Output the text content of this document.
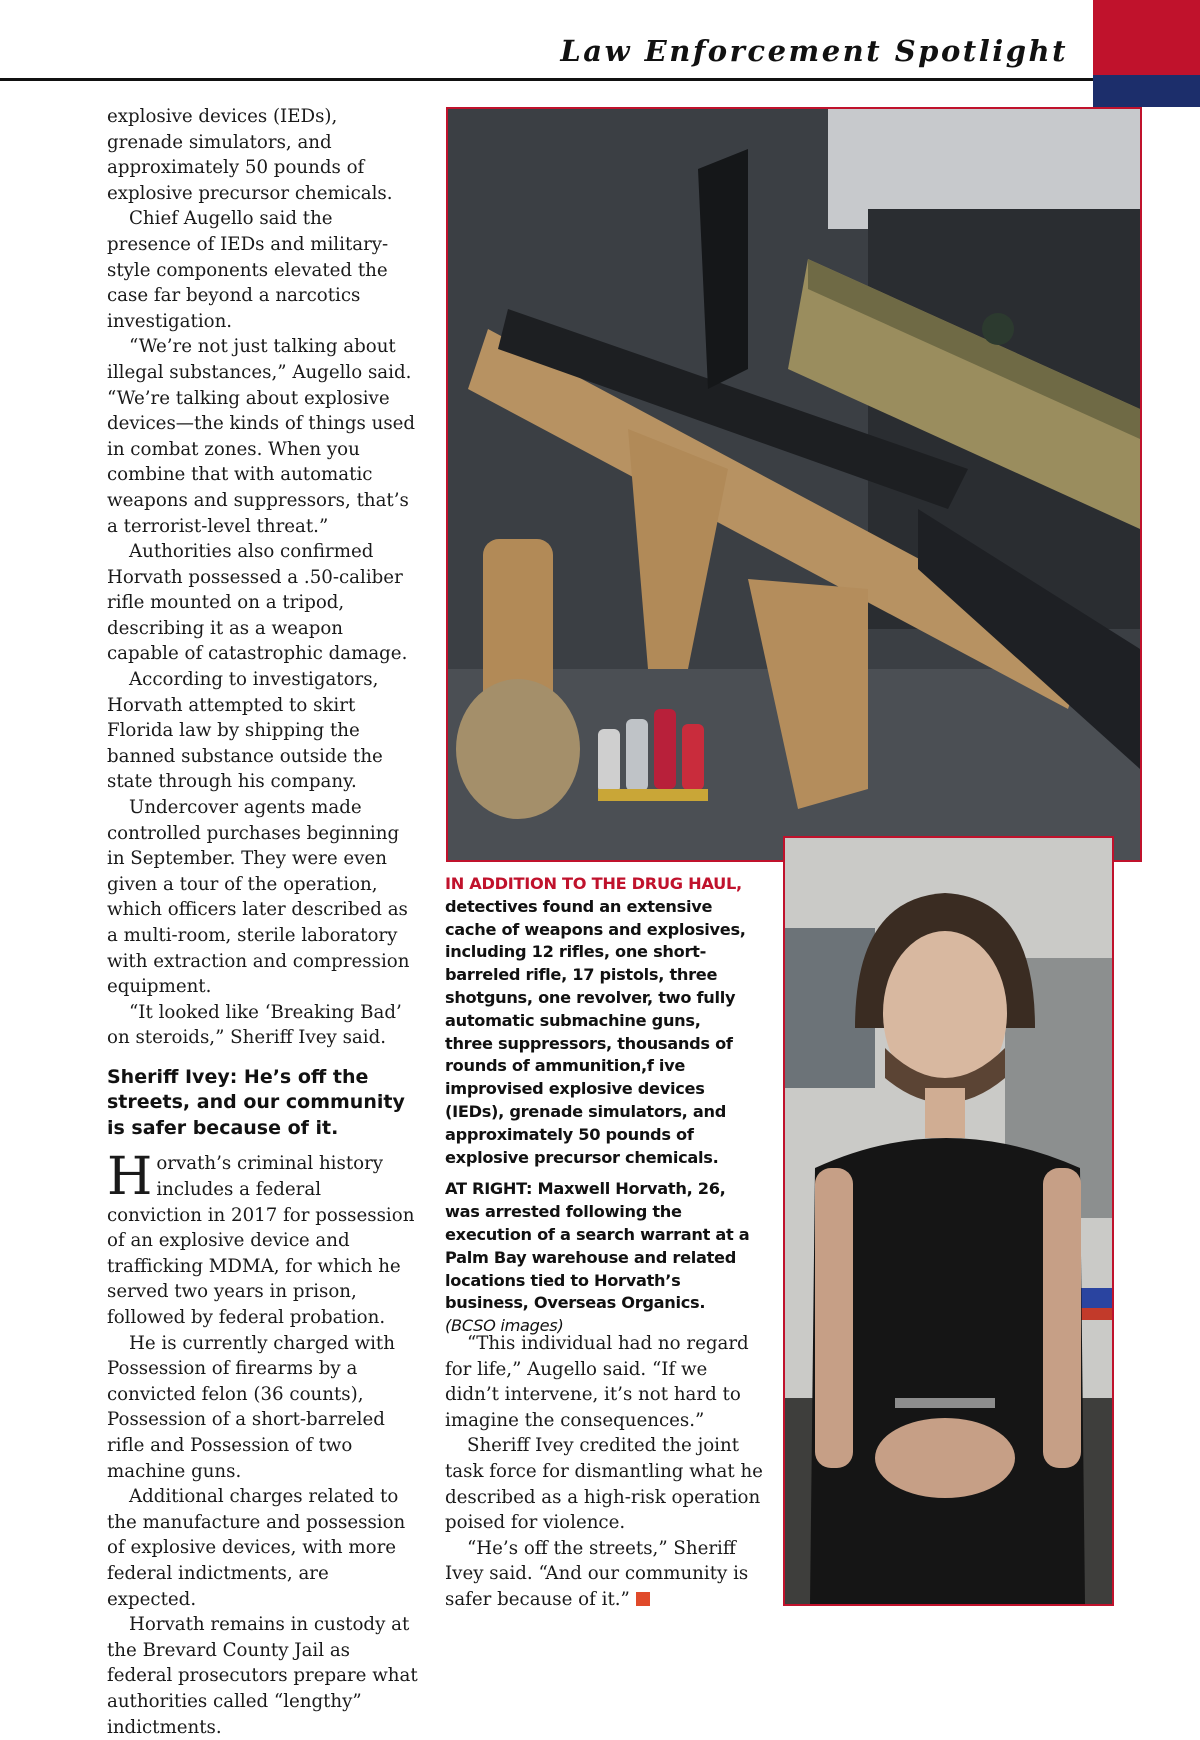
Law Enforcement Spotlight

explosive devices (IEDs), grenade simulators, and approximately 50 pounds of explosive precursor chemicals.

Chief Augello said the presence of IEDs and military-style components elevated the case far beyond a narcotics investigation.

“We’re not just talking about illegal substances,” Augello said. “We’re talking about explosive devices—the kinds of things used in combat zones. When you combine that with automatic weapons and suppressors, that’s a terrorist-level threat.”

Authorities also confirmed Horvath possessed a .50-caliber rifle mounted on a tripod, describing it as a weapon capable of catastrophic damage.

According to investigators, Horvath attempted to skirt Florida law by shipping the banned substance outside the state through his company.

Undercover agents made controlled purchases beginning in September. They were even given a tour of the operation, which officers later described as a multi-room, sterile laboratory with extraction and compression equipment.

“It looked like ‘Breaking Bad’ on steroids,” Sheriff Ivey said.

Sheriff Ivey: He’s off the streets, and our community is safer because of it.

Horvath’s criminal history includes a federal conviction in 2017 for possession of an explosive device and trafficking MDMA, for which he served two years in prison, followed by federal probation.

He is currently charged with Possession of firearms by a convicted felon (36 counts), Possession of a short-barreled rifle and Possession of two machine guns.

Additional charges related to the manufacture and possession of explosive devices, with more federal indictments, are expected.

Horvath remains in custody at the Brevard County Jail as federal prosecutors prepare what authorities called “lengthy” indictments.

IN ADDITION TO THE DRUG HAUL, detectives found an extensive cache of weapons and explosives, including 12 rifles, one short-barreled rifle, 17 pistols, three shotguns, one revolver, two fully automatic submachine guns, three suppressors, thousands of rounds of ammunition,f ive improvised explosive devices (IEDs), grenade simulators, and approximately 50 pounds of explosive precursor chemicals.

AT RIGHT: Maxwell Horvath, 26, was arrested following the execution of a search warrant at a Palm Bay warehouse and related locations tied to Horvath’s business, Overseas Organics. (BCSO images)

“This individual had no regard for life,” Augello said. “If we didn’t intervene, it’s not hard to imagine the consequences.”

Sheriff Ivey credited the joint task force for dismantling what he described as a high-risk operation poised for violence.

“He’s off the streets,” Sheriff Ivey said. “And our community is safer because of it.”
